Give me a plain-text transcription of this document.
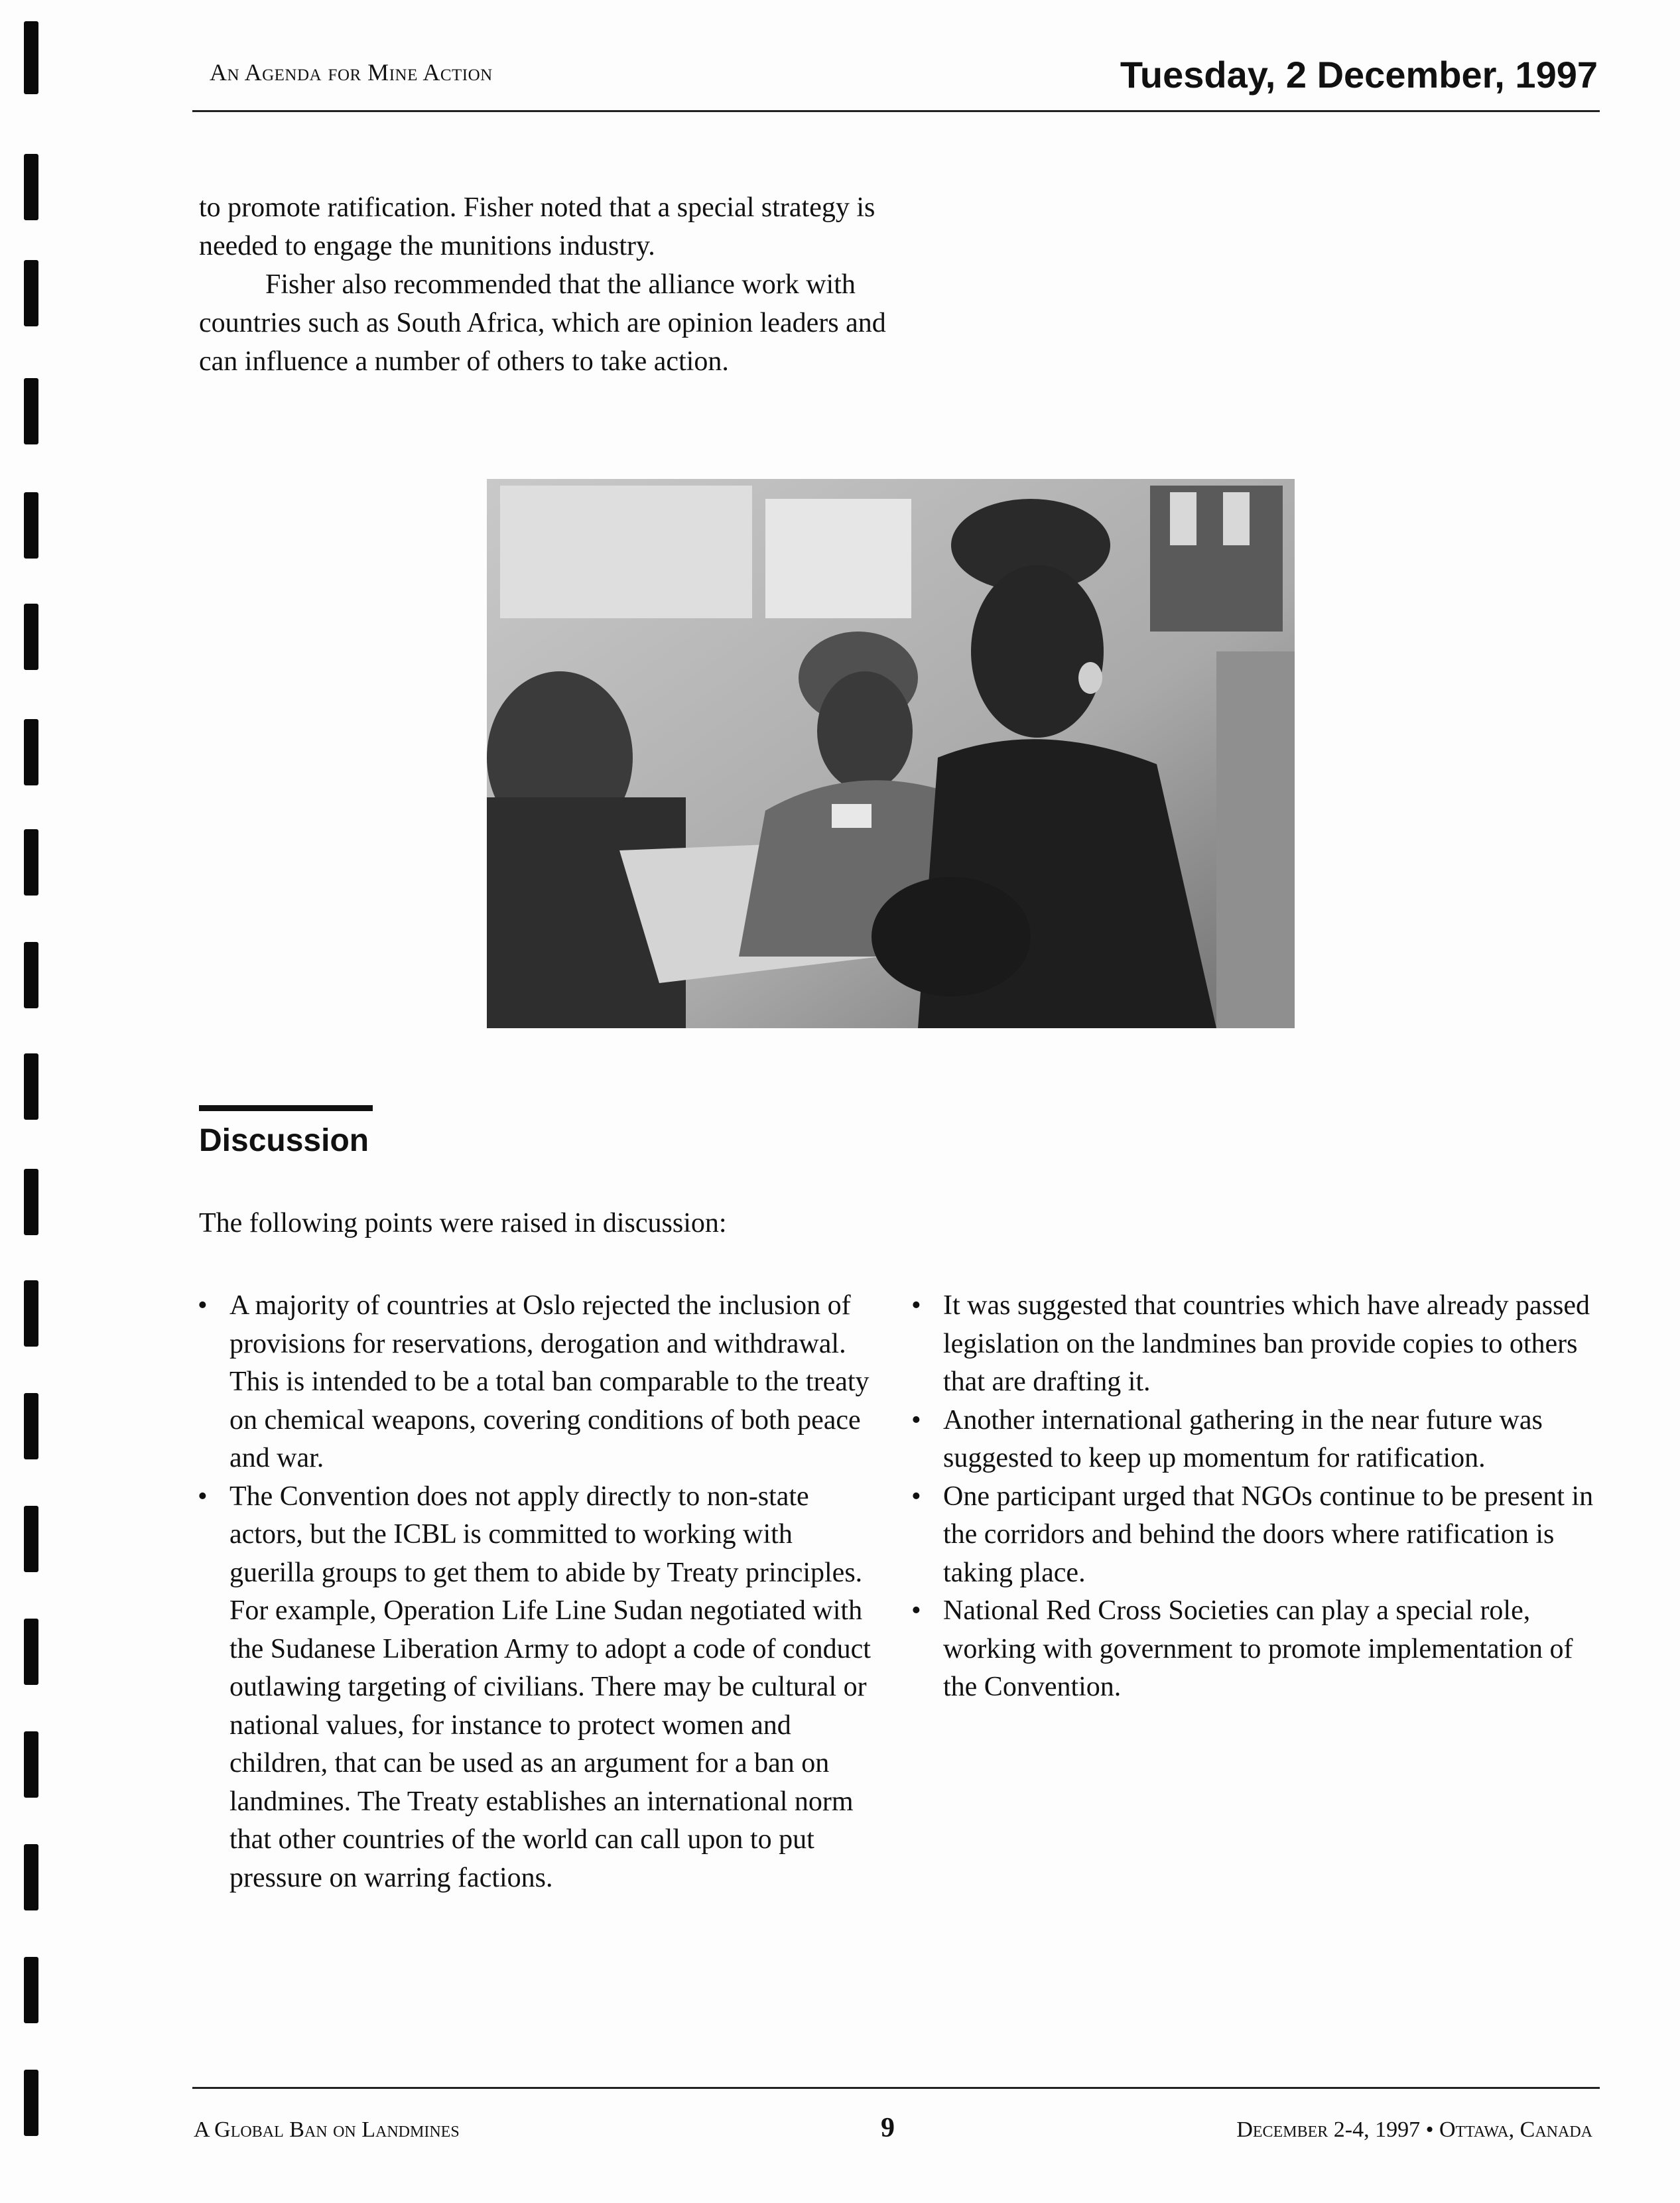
An Agenda for Mine Action	Tuesday, 2 December, 1997

to promote ratification. Fisher noted that a special strategy is needed to engage the munitions industry.

Fisher also recommended that the alliance work with countries such as South Africa, which are opinion leaders and can influence a number of others to take action.

Discussion
The following points were raised in discussion:
• A majority of countries at Oslo rejected the inclusion of provisions for reservations, derogation and withdrawal. This is intended to be a total ban comparable to the treaty on chemical weapons, covering conditions of both peace and war.
• The Convention does not apply directly to non-state actors, but the ICBL is committed to working with guerilla groups to get them to abide by Treaty principles. For example, Operation Life Line Sudan negotiated with the Sudanese Liberation Army to adopt a code of conduct outlawing targeting of civilians. There may be cultural or national values, for instance to protect women and children, that can be used as an argument for a ban on landmines. The Treaty establishes an international norm that other countries of the world can call upon to put pressure on warring factions.
• It was suggested that countries which have already passed legislation on the landmines ban provide copies to others that are drafting it.
• Another international gathering in the near future was suggested to keep up momentum for ratification.
• One participant urged that NGOs continue to be present in the corridors and behind the doors where ratification is taking place.
• National Red Cross Societies can play a special role, working with government to promote implementation of the Convention.
A Global Ban on Landmines	9	December 2-4, 1997 • Ottawa, Canada
